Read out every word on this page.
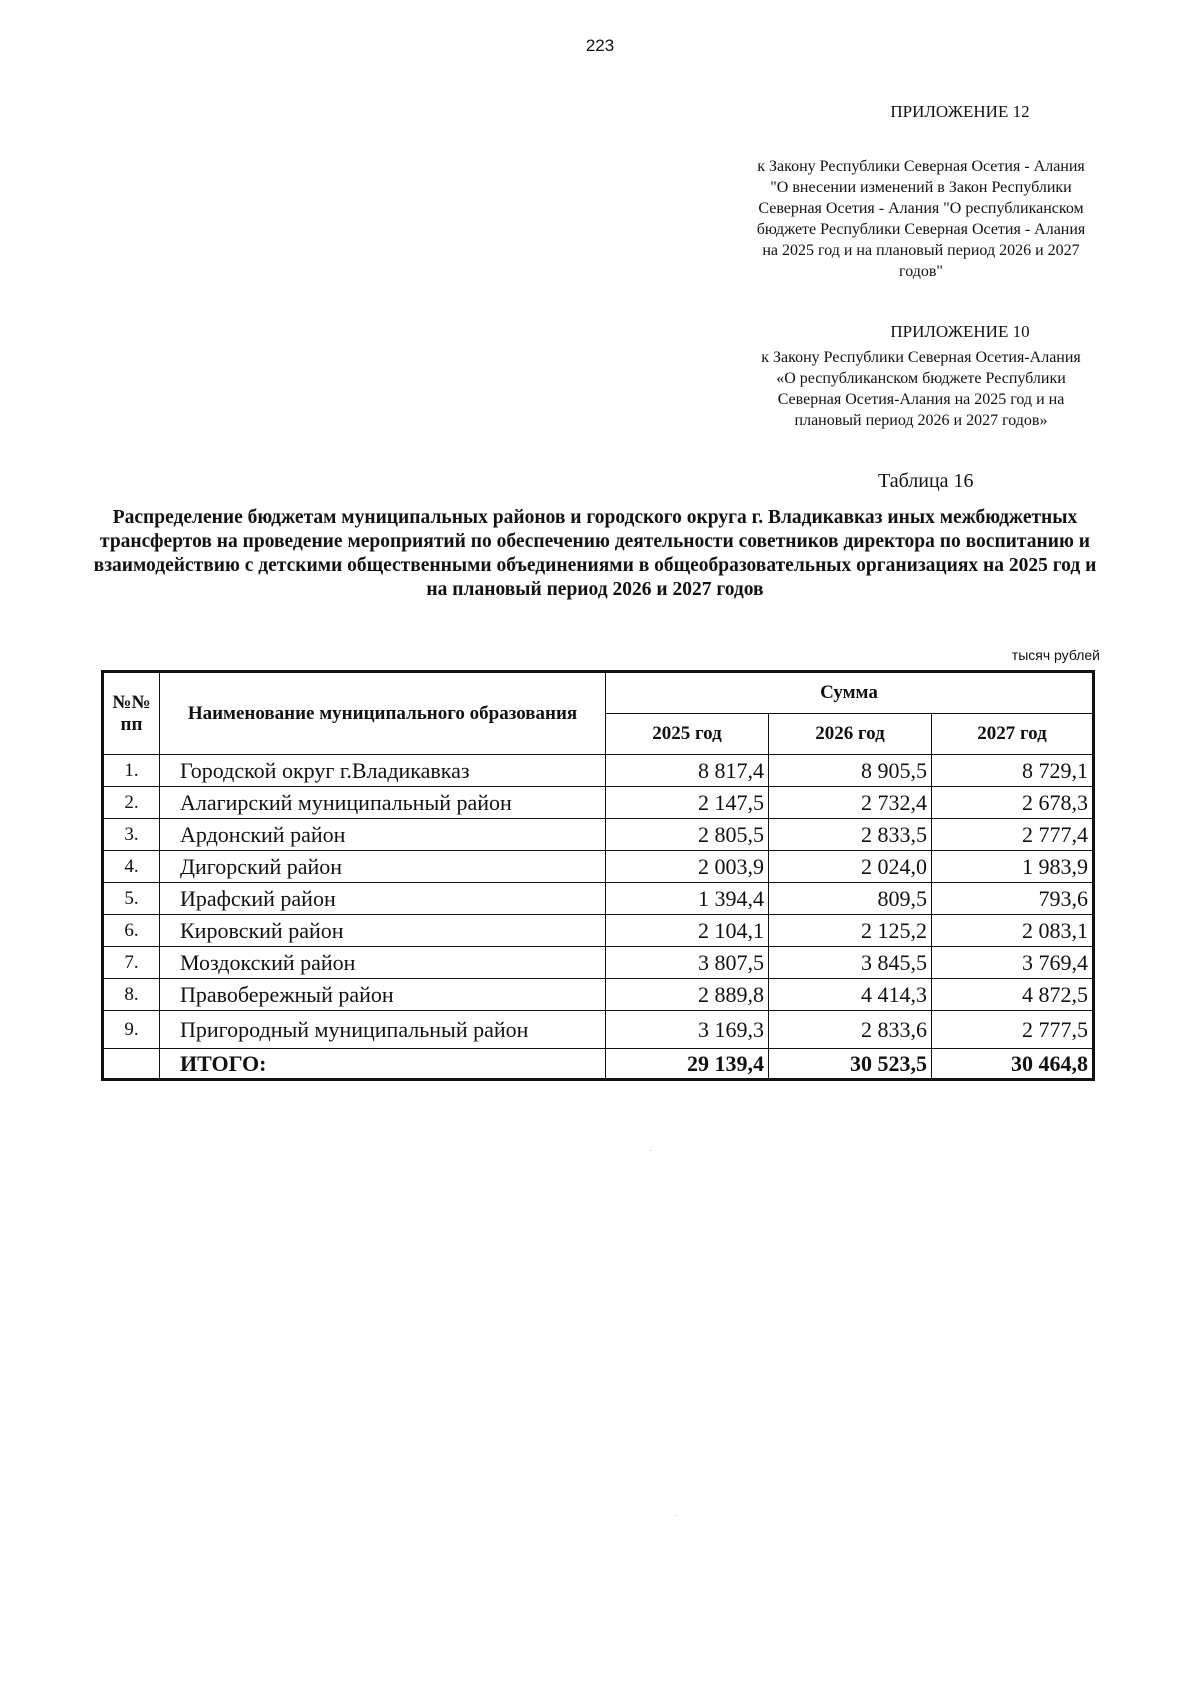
223
ПРИЛОЖЕНИЕ 12
к Закону Республики Северная Осетия - Алания "О внесении изменений в Закон Республики Северная Осетия - Алания "О республиканском бюджете Республики Северная Осетия - Алания на 2025 год и на плановый период 2026 и 2027 годов"
ПРИЛОЖЕНИЕ 10
к Закону Республики Северная Осетия-Алания «О республиканском бюджете Республики Северная Осетия-Алания на 2025 год и на плановый период 2026 и 2027 годов»
Таблица 16
Распределение бюджетам муниципальных районов и городского округа г. Владикавказ иных межбюджетных трансфертов на проведение мероприятий по обеспечению деятельности советников директора по воспитанию и взаимодействию с детскими общественными объединениями в общеобразовательных организациях на 2025 год и на плановый период 2026 и 2027 годов
тысяч рублей
№№ пп	Наименование муниципального образования	Сумма		
		2025 год	2026 год	2027 год
1.	Городской округ г.Владикавказ	8 817,4	8 905,5	8 729,1
2.	Алагирский муниципальный район	2 147,5	2 732,4	2 678,3
3.	Ардонский район	2 805,5	2 833,5	2 777,4
4.	Дигорский район	2 003,9	2 024,0	1 983,9
5.	Ирафский район	1 394,4	809,5	793,6
6.	Кировский район	2 104,1	2 125,2	2 083,1
7.	Моздокский район	3 807,5	3 845,5	3 769,4
8.	Правобережный район	2 889,8	4 414,3	4 872,5
9.	Пригородный муниципальный район	3 169,3	2 833,6	2 777,5
	ИТОГО:	29 139,4	30 523,5	30 464,8
